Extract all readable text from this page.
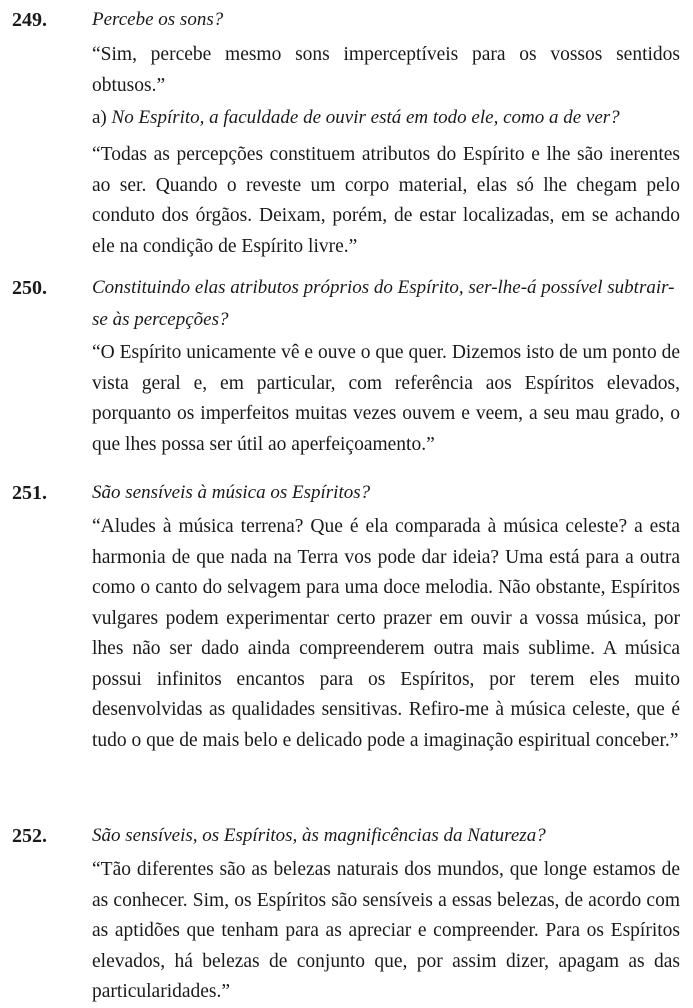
249. Percebe os sons?
“Sim, percebe mesmo sons imperceptíveis para os vossos sentidos obtusos.”
a) No Espírito, a faculdade de ouvir está em todo ele, como a de ver?
“Todas as percepções constituem atributos do Espírito e lhe são inerentes ao ser. Quando o reveste um corpo material, elas só lhe chegam pelo conduto dos órgãos. Deixam, porém, de estar localizadas, em se achando ele na condição de Espírito livre.”
250. Constituindo elas atributos próprios do Espírito, ser-lhe-á possível subtrair-se às percepções?
“O Espírito unicamente vê e ouve o que quer. Dizemos isto de um ponto de vista geral e, em particular, com referência aos Espíritos elevados, porquanto os imperfeitos muitas vezes ouvem e veem, a seu mau grado, o que lhes possa ser útil ao aperfeiçoamento.”
251. São sensíveis à música os Espíritos?
“Aludes à música terrena? Que é ela comparada à música celeste? a esta harmonia de que nada na Terra vos pode dar ideia? Uma está para a outra como o canto do selvagem para uma doce melodia. Não obstante, Espíritos vulgares podem experimentar certo prazer em ouvir a vossa música, por lhes não ser dado ainda compreenderem outra mais sublime. A música possui infinitos encantos para os Espíritos, por terem eles muito desenvolvidas as qualidades sensitivas. Refiro-me à música celeste, que é tudo o que de mais belo e delicado pode a imaginação espiritual conceber.”
252. São sensíveis, os Espíritos, às magnificências da Natureza?
“Tão diferentes são as belezas naturais dos mundos, que longe estamos de as conhecer. Sim, os Espíritos são sensíveis a essas belezas, de acordo com as aptidões que tenham para as apreciar e compreender. Para os Espíritos elevados, há belezas de conjunto que, por assim dizer, apagam as das particularidades.”
